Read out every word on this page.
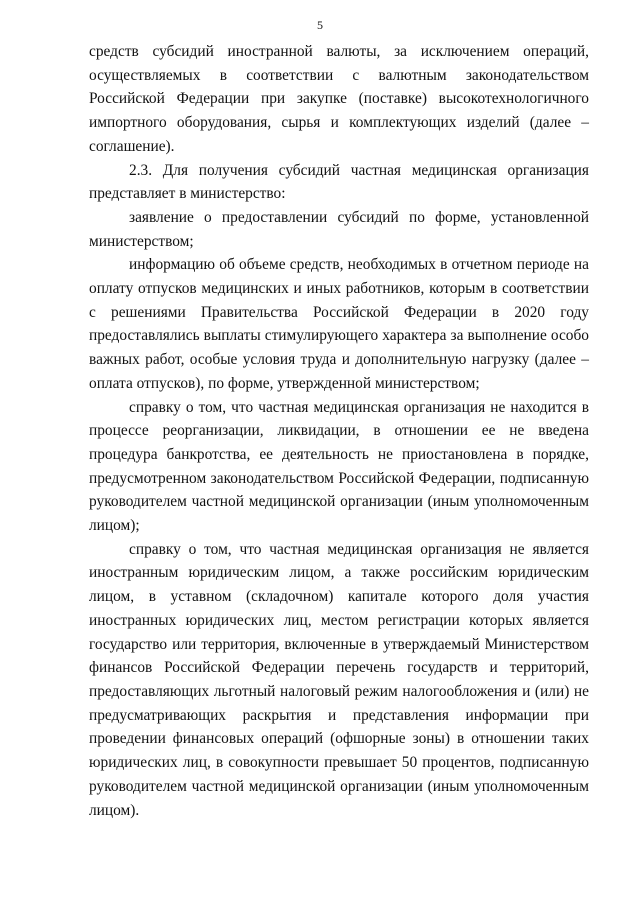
5

средств субсидий иностранной валюты, за исключением операций, осуществляемых в соответствии с валютным законодательством Российской Федерации при закупке (поставке) высокотехнологичного импортного оборудования, сырья и комплектующих изделий (далее – соглашение).

2.3. Для получения субсидий частная медицинская организация представляет в министерство:

заявление о предоставлении субсидий по форме, установленной министерством;

информацию об объеме средств, необходимых в отчетном периоде на оплату отпусков медицинских и иных работников, которым в соответствии с решениями Правительства Российской Федерации в 2020 году предоставлялись выплаты стимулирующего характера за выполнение особо важных работ, особые условия труда и дополнительную нагрузку (далее – оплата отпусков), по форме, утвержденной министерством;

справку о том, что частная медицинская организация не находится в процессе реорганизации, ликвидации, в отношении ее не введена процедура банкротства, ее деятельность не приостановлена в порядке, предусмотренном законодательством Российской Федерации, подписанную руководителем частной медицинской организации (иным уполномоченным лицом);

справку о том, что частная медицинская организация не является иностранным юридическим лицом, а также российским юридическим лицом, в уставном (складочном) капитале которого доля участия иностранных юридических лиц, местом регистрации которых является государство или территория, включенные в утверждаемый Министерством финансов Российской Федерации перечень государств и территорий, предоставляющих льготный налоговый режим налогообложения и (или) не предусматривающих раскрытия и представления информации при проведении финансовых операций (офшорные зоны) в отношении таких юридических лиц, в совокупности превышает 50 процентов, подписанную руководителем частной медицинской организации (иным уполномоченным лицом).
